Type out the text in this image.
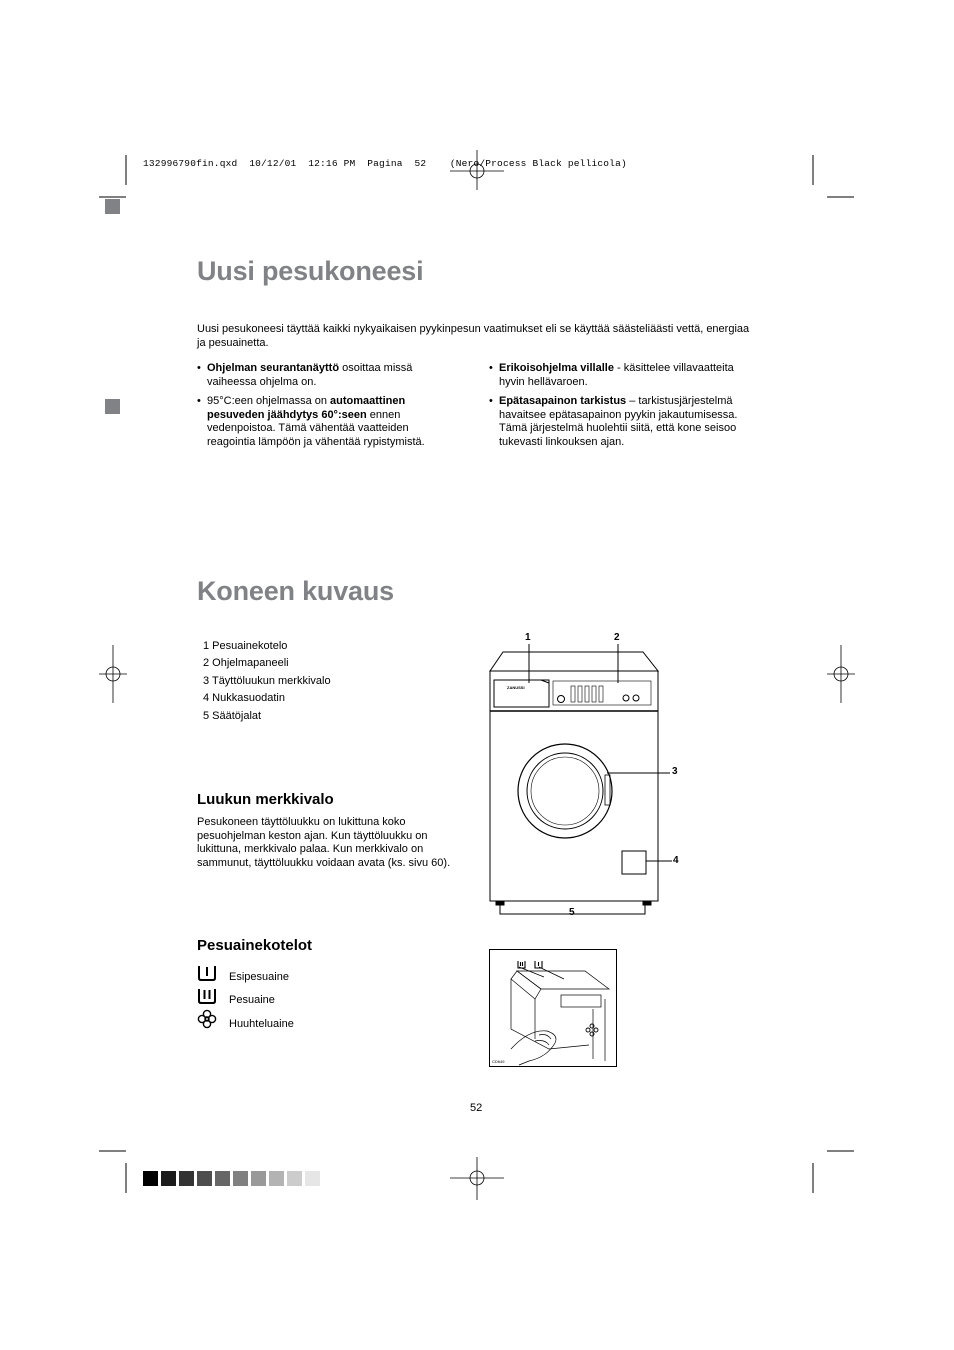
132996790fin.qxd  10/12/01  12:16 PM  Pagina  52    (Nero/Process Black pellicola)
Uusi pesukoneesi
Uusi pesukoneesi täyttää kaikki nykyaikaisen pyykinpesun vaatimukset eli se käyttää säästeliäästi vettä, energiaa ja pesuainetta.
• Ohjelman seurantanäyttö osoittaa missä vaiheessa ohjelma on.
• 95°C:een ohjelmassa on automaattinen pesuveden jäähdytys 60°:seen ennen vedenpoistoa. Tämä vähentää vaatteiden reagointia lämpöön ja vähentää rypistymistä.
• Erikoisohjelma villalle - käsittelee villavaatteita hyvin hellävaroen.
• Epätasapainon tarkistus – tarkistusjärjestelmä havaitsee epätasapainon pyykin jakautumisessa. Tämä järjestelmä huolehtii siitä, että kone seisoo tukevasti linkouksen ajan.
Koneen kuvaus
1 Pesuainekotelo
2 Ohjelmapaneeli
3 Täyttöluukun merkkivalo
4 Nukkasuodatin
5 Säätöjalat
ZANUSSI
1	2
3
4
5
Luukun merkkivalo
Pesukoneen täyttöluukku on lukittuna koko pesuohjelman keston ajan. Kun täyttöluukku on lukittuna, merkkivalo palaa. Kun merkkivalo on sammunut, täyttöluukku voidaan avata (ks. sivu 60).
Pesuainekotelot
Esipesuaine
Pesuaine
Huuhteluaine
CD649
52
